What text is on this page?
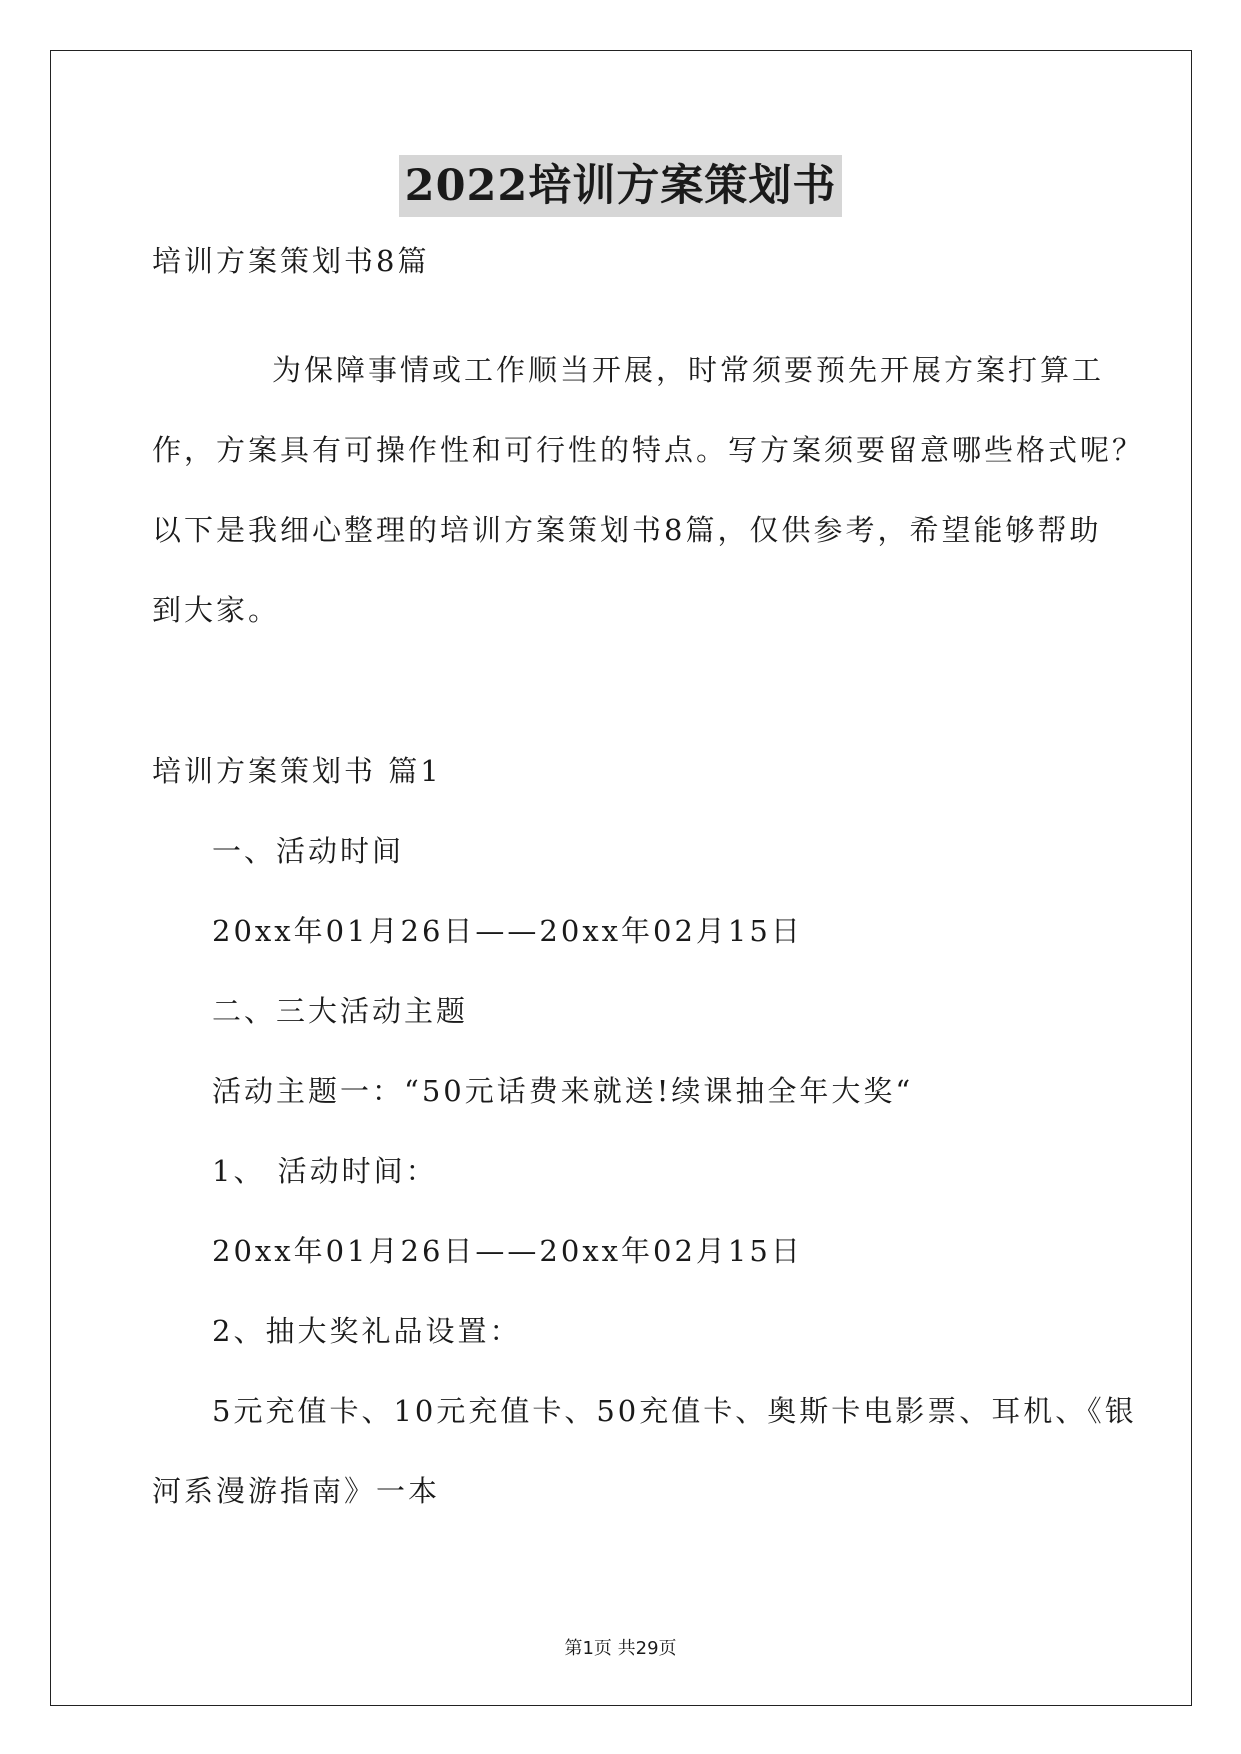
2022培训方案策划书
培训方案策划书8篇
为保障事情或工作顺当开展，时常须要预先开展方案打算工
作，方案具有可操作性和可行性的特点。写方案须要留意哪些格式呢？
以下是我细心整理的培训方案策划书8篇，仅供参考，希望能够帮助
到大家。
培训方案策划书 篇1
一、活动时间
20xx年01月26日——20xx年02月15日
二、三大活动主题
活动主题一：“50元话费来就送!续课抽全年大奖“
1、 活动时间：
20xx年01月26日——20xx年02月15日
2、抽大奖礼品设置：
5元充值卡、10元充值卡、50充值卡、奥斯卡电影票、耳机、《银
河系漫游指南》一本
第1页 共29页
